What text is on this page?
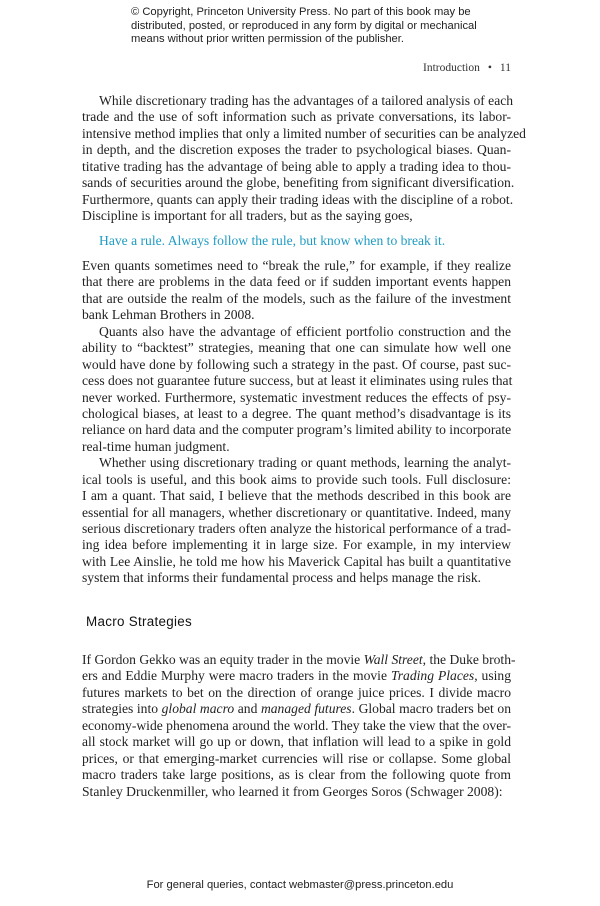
© Copyright, Princeton University Press. No part of this book may be
distributed, posted, or reproduced in any form by digital or mechanical
means without prior written permission of the publisher.
Introduction • 11
While discretionary trading has the advantages of a tailored analysis of each
trade and the use of soft information such as private conversations, its labor-
intensive method implies that only a limited number of securities can be analyzed
in depth, and the discretion exposes the trader to psychological biases. Quan-
titative trading has the advantage of being able to apply a trading idea to thou-
sands of securities around the globe, benefiting from significant diversification.
Furthermore, quants can apply their trading ideas with the discipline of a robot.
Discipline is important for all traders, but as the saying goes,
Have a rule. Always follow the rule, but know when to break it.
Even quants sometimes need to “break the rule,” for example, if they realize
that there are problems in the data feed or if sudden important events happen
that are outside the realm of the models, such as the failure of the investment
bank Lehman Brothers in 2008.
Quants also have the advantage of efficient portfolio construction and the
ability to “backtest” strategies, meaning that one can simulate how well one
would have done by following such a strategy in the past. Of course, past suc-
cess does not guarantee future success, but at least it eliminates using rules that
never worked. Furthermore, systematic investment reduces the effects of psy-
chological biases, at least to a degree. The quant method’s disadvantage is its
reliance on hard data and the computer program’s limited ability to incorporate
real-time human judgment.
Whether using discretionary trading or quant methods, learning the analyt-
ical tools is useful, and this book aims to provide such tools. Full disclosure:
I am a quant. That said, I believe that the methods described in this book are
essential for all managers, whether discretionary or quantitative. Indeed, many
serious discretionary traders often analyze the historical performance of a trad-
ing idea before implementing it in large size. For example, in my interview
with Lee Ainslie, he told me how his Maverick Capital has built a quantitative
system that informs their fundamental process and helps manage the risk.
Macro Strategies
If Gordon Gekko was an equity trader in the movie Wall Street, the Duke broth-
ers and Eddie Murphy were macro traders in the movie Trading Places, using
futures markets to bet on the direction of orange juice prices. I divide macro
strategies into global macro and managed futures. Global macro traders bet on
economy-wide phenomena around the world. They take the view that the over-
all stock market will go up or down, that inflation will lead to a spike in gold
prices, or that emerging-market currencies will rise or collapse. Some global
macro traders take large positions, as is clear from the following quote from
Stanley Druckenmiller, who learned it from Georges Soros (Schwager 2008):
For general queries, contact webmaster@press.princeton.edu
